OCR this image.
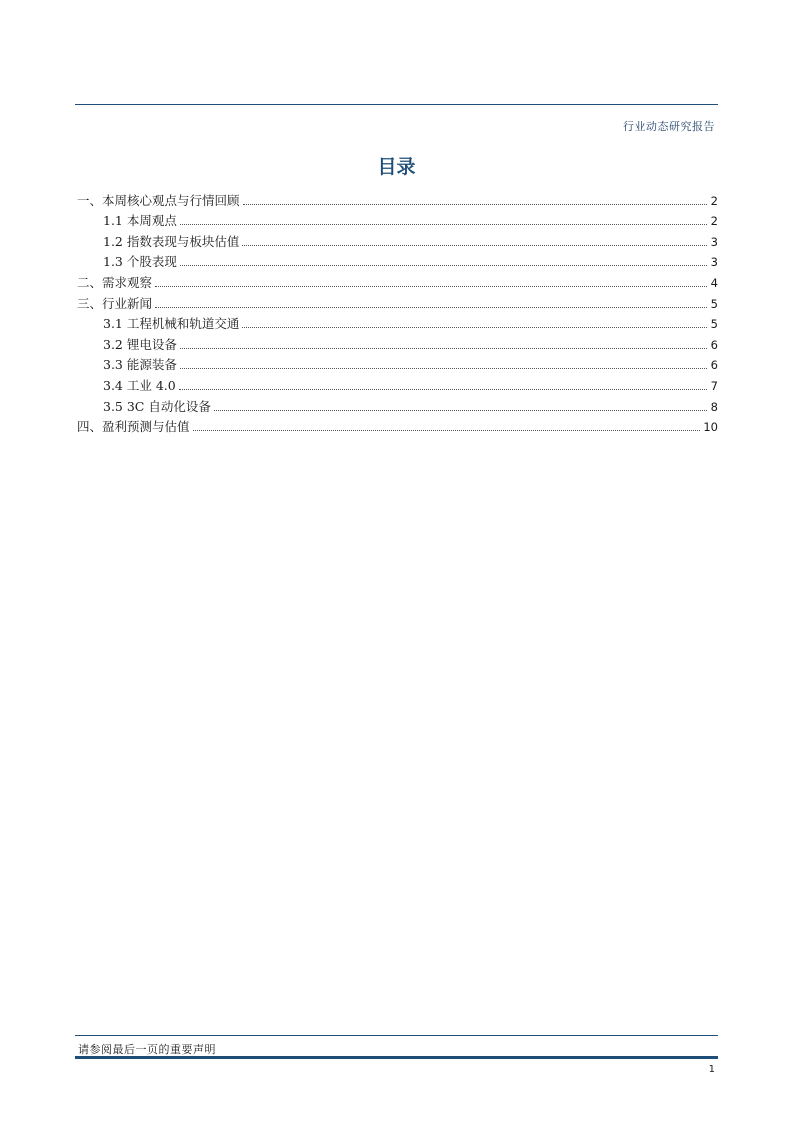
行业动态研究报告
目录
一、本周核心观点与行情回顾	2
1.1 本周观点	2
1.2 指数表现与板块估值	3
1.3 个股表现	3
二、需求观察	4
三、行业新闻	5
3.1 工程机械和轨道交通	5
3.2 锂电设备	6
3.3 能源装备	6
3.4 工业 4.0	7
3.5 3C 自动化设备	8
四、盈利预测与估值	10
请参阅最后一页的重要声明
1
